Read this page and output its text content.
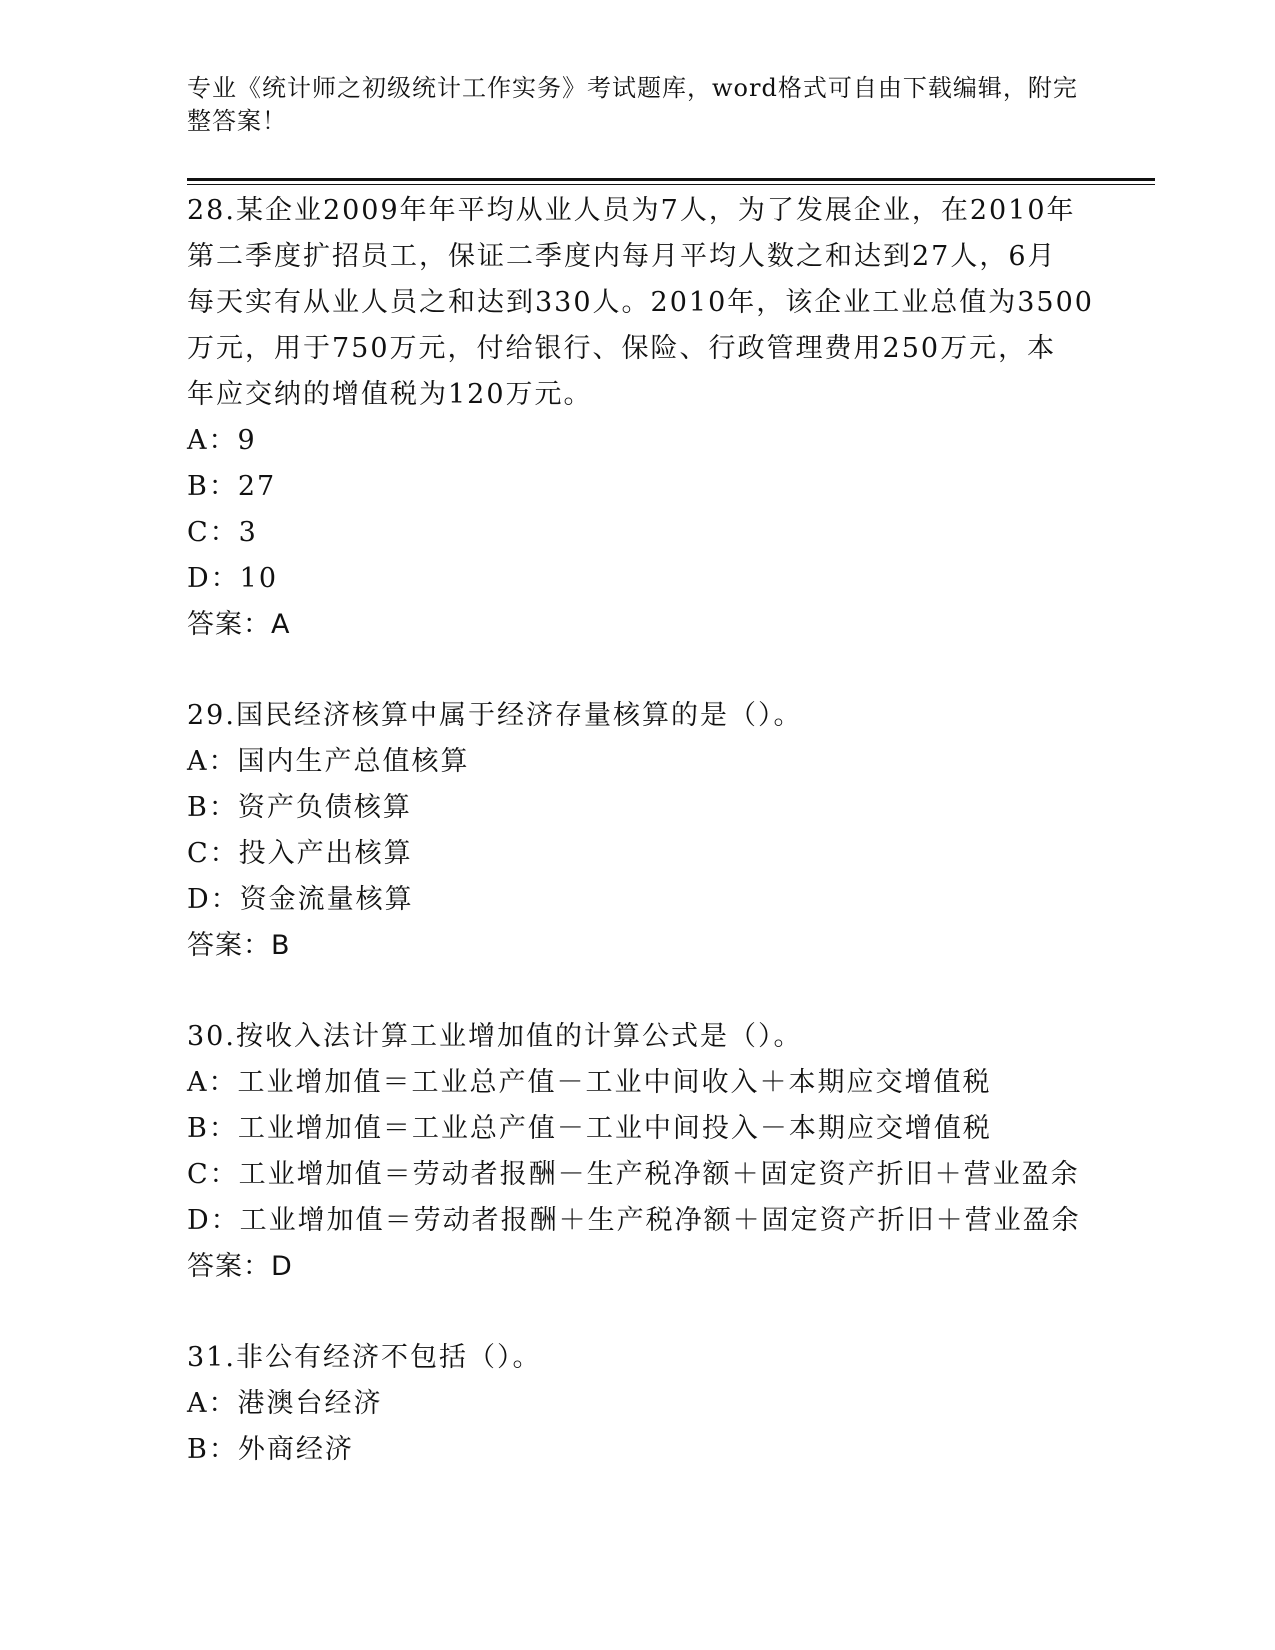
专业《统计师之初级统计工作实务》考试题库，word格式可自由下载编辑，附完
整答案！
28.某企业2009年年平均从业人员为7人，为了发展企业，在2010年
第二季度扩招员工，保证二季度内每月平均人数之和达到27人，6月
每天实有从业人员之和达到330人。2010年，该企业工业总值为3500
万元，用于750万元，付给银行、保险、行政管理费用250万元，本
年应交纳的增值税为120万元。
A：9
B：27
C：3
D：10
答案：A
29.国民经济核算中属于经济存量核算的是（）。
A：国内生产总值核算
B：资产负债核算
C：投入产出核算
D：资金流量核算
答案：B
30.按收入法计算工业增加值的计算公式是（）。
A：工业增加值＝工业总产值－工业中间收入＋本期应交增值税
B：工业增加值＝工业总产值－工业中间投入－本期应交增值税
C：工业增加值＝劳动者报酬－生产税净额＋固定资产折旧＋营业盈余
D：工业增加值＝劳动者报酬＋生产税净额＋固定资产折旧＋营业盈余
答案：D
31.非公有经济不包括（）。
A：港澳台经济
B：外商经济
